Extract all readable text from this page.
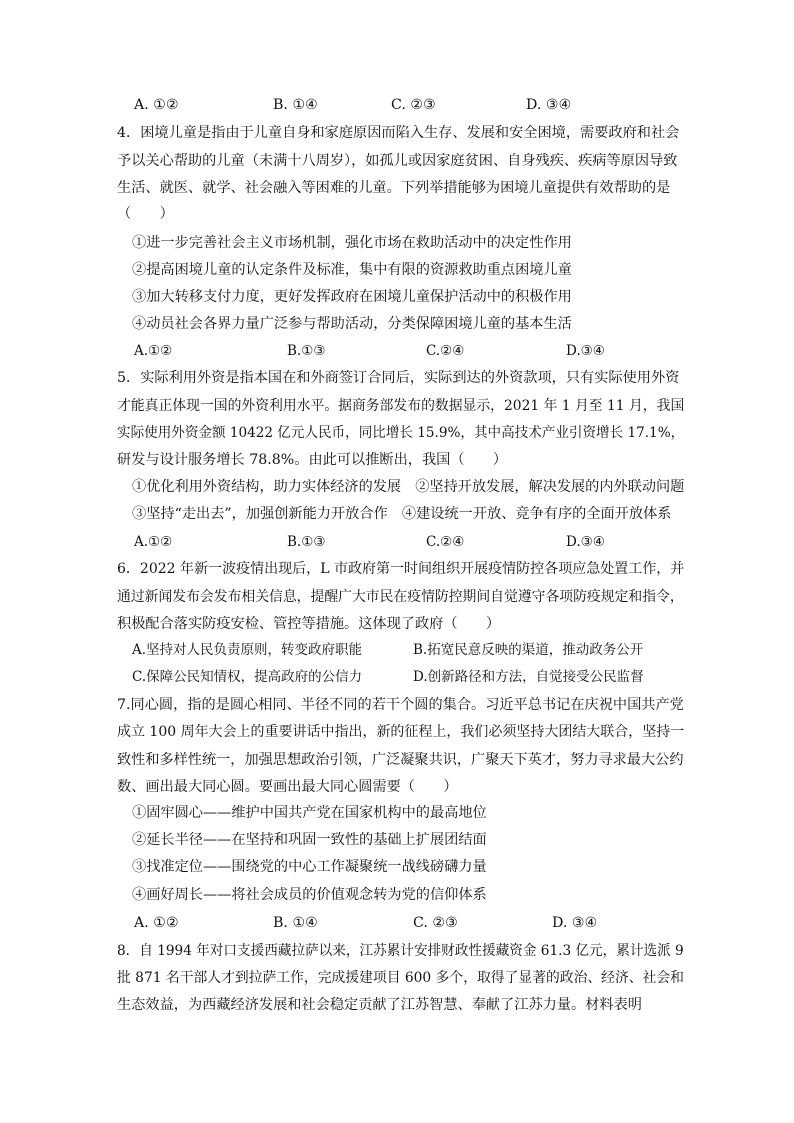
A. ①②	B. ①④	C. ②③	D. ③④
4．困境儿童是指由于儿童自身和家庭原因而陷入生存、发展和安全困境，需要政府和社会
予以关心帮助的儿童（未满十八周岁），如孤儿或因家庭贫困、自身残疾、疾病等原因导致
生活、就医、就学、社会融入等困难的儿童。下列举措能够为困境儿童提供有效帮助的是
（　　）
①进一步完善社会主义市场机制，强化市场在救助活动中的决定性作用
②提高困境儿童的认定条件及标准，集中有限的资源救助重点困境儿童
③加大转移支付力度，更好发挥政府在困境儿童保护活动中的积极作用
④动员社会各界力量广泛参与帮助活动，分类保障困境儿童的基本生活
A.①②	B.①③	C.②④	D.③④
5．实际利用外资是指本国在和外商签订合同后，实际到达的外资款项，只有实际使用外资
才能真正体现一国的外资利用水平。据商务部发布的数据显示，2021 年 1 月至 11 月，我国
实际使用外资金额 10422 亿元人民币，同比增长 15.9%，其中高技术产业引资增长 17.1%，
研发与设计服务增长 78.8%。由此可以推断出，我国（　　）
①优化利用外资结构，助力实体经济的发展　②坚持开放发展，解决发展的内外联动问题
③坚持“走出去”，加强创新能力开放合作　④建设统一开放、竞争有序的全面开放体系
A.①②	B.①③	C.②④	D.③④
6．2022 年新一波疫情出现后，L 市政府第一时间组织开展疫情防控各项应急处置工作，并
通过新闻发布会发布相关信息，提醒广大市民在疫情防控期间自觉遵守各项防疫规定和指令，
积极配合落实防疫安检、管控等措施。这体现了政府（　　）
A.坚持对人民负责原则，转变政府职能	B.拓宽民意反映的渠道，推动政务公开
C.保障公民知情权，提高政府的公信力	D.创新路径和方法，自觉接受公民监督
7.同心圆，指的是圆心相同、半径不同的若干个圆的集合。习近平总书记在庆祝中国共产党
成立 100 周年大会上的重要讲话中指出，新的征程上，我们必须坚持大团结大联合，坚持一
致性和多样性统一，加强思想政治引领，广泛凝聚共识，广聚天下英才，努力寻求最大公约
数、画出最大同心圆。要画出最大同心圆需要（　　）
①固牢圆心——维护中国共产党在国家机构中的最高地位
②延长半径——在坚持和巩固一致性的基础上扩展团结面
③找准定位——围绕党的中心工作凝聚统一战线磅礴力量
④画好周长——将社会成员的价值观念转为党的信仰体系
A. ①②	B. ①④	C. ②③	D. ③④
8．自 1994 年对口支援西藏拉萨以来，江苏累计安排财政性援藏资金 61.3 亿元，累计选派 9
批 871 名干部人才到拉萨工作，完成援建项目 600 多个，取得了显著的政治、经济、社会和
生态效益，为西藏经济发展和社会稳定贡献了江苏智慧、奉献了江苏力量。材料表明
